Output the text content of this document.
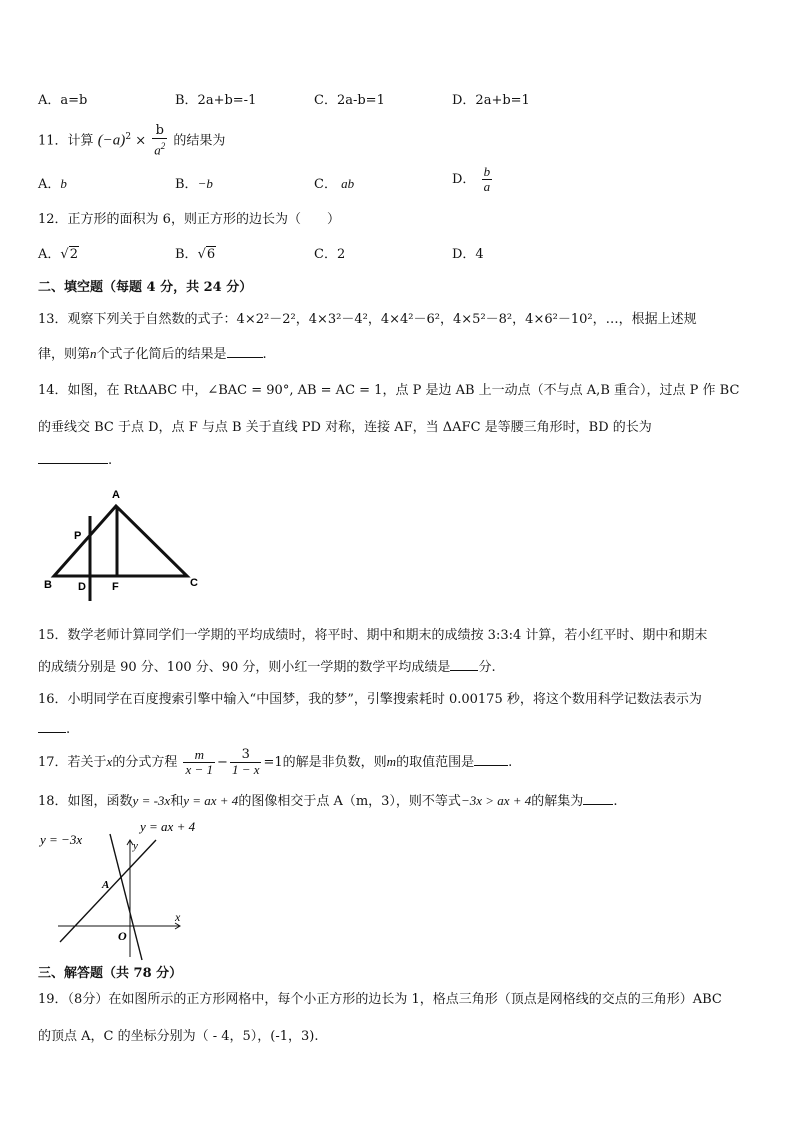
A．a=b	B．2a+b=-1	C．2a-b=1	D．2a+b=1
11．计算 $(-a)^2 \times \frac{b}{a^2}$ 的结果为
A．b	B．−b	C． ab	D． $\frac{b}{a}$
12．正方形的面积为 6，则正方形的边长为（　　）
A．√2	B．√6	C．2	D．4
二、填空题（每题 4 分，共 24 分）
13．观察下列关于自然数的式子：4×2²－2²，4×3²－4²，4×4²－6²，4×5²－8²，4×6²－10²，…，根据上述规
律，则第n个式子化简后的结果是	.
14．如图，在 RtΔABC 中，∠BAC = 90°, AB = AC = 1，点 P 是边 AB 上一动点（不与点 A,B 重合），过点 P 作 BC
的垂线交 BC 于点 D，点 F 与点 B 关于直线 PD 对称，连接 AF，当 ΔAFC 是等腰三角形时，BD 的长为
.
A
P
B D F	C
15．数学老师计算同学们一学期的平均成绩时，将平时、期中和期末的成绩按 3:3:4 计算，若小红平时、期中和期末
的成绩分别是 90 分、100 分、90 分，则小红一学期的数学平均成绩是 分.
16．小明同学在百度搜索引擎中输入“中国梦，我的梦”，引擎搜索耗时 0.00175 秒，将这个数用科学记数法表示为
.
17．若关于x的分式方程 $\frac{m}{x - 1} - \frac{3}{1 - x} =1$的解是非负数，则m的取值范围是	.
18．如图，函数y = -3x和y = ax + 4的图像相交于点 A（m，3），则不等式−3x > ax + 4的解集为 .
y = −3x
y = ax + 4
y
x
A
O
三、解答题（共 78 分）
19．（8分）在如图所示的正方形网格中，每个小正方形的边长为 1，格点三角形（顶点是网格线的交点的三角形）ABC
的顶点 A，C 的坐标分别为（ - 4，5），(-1，3).
